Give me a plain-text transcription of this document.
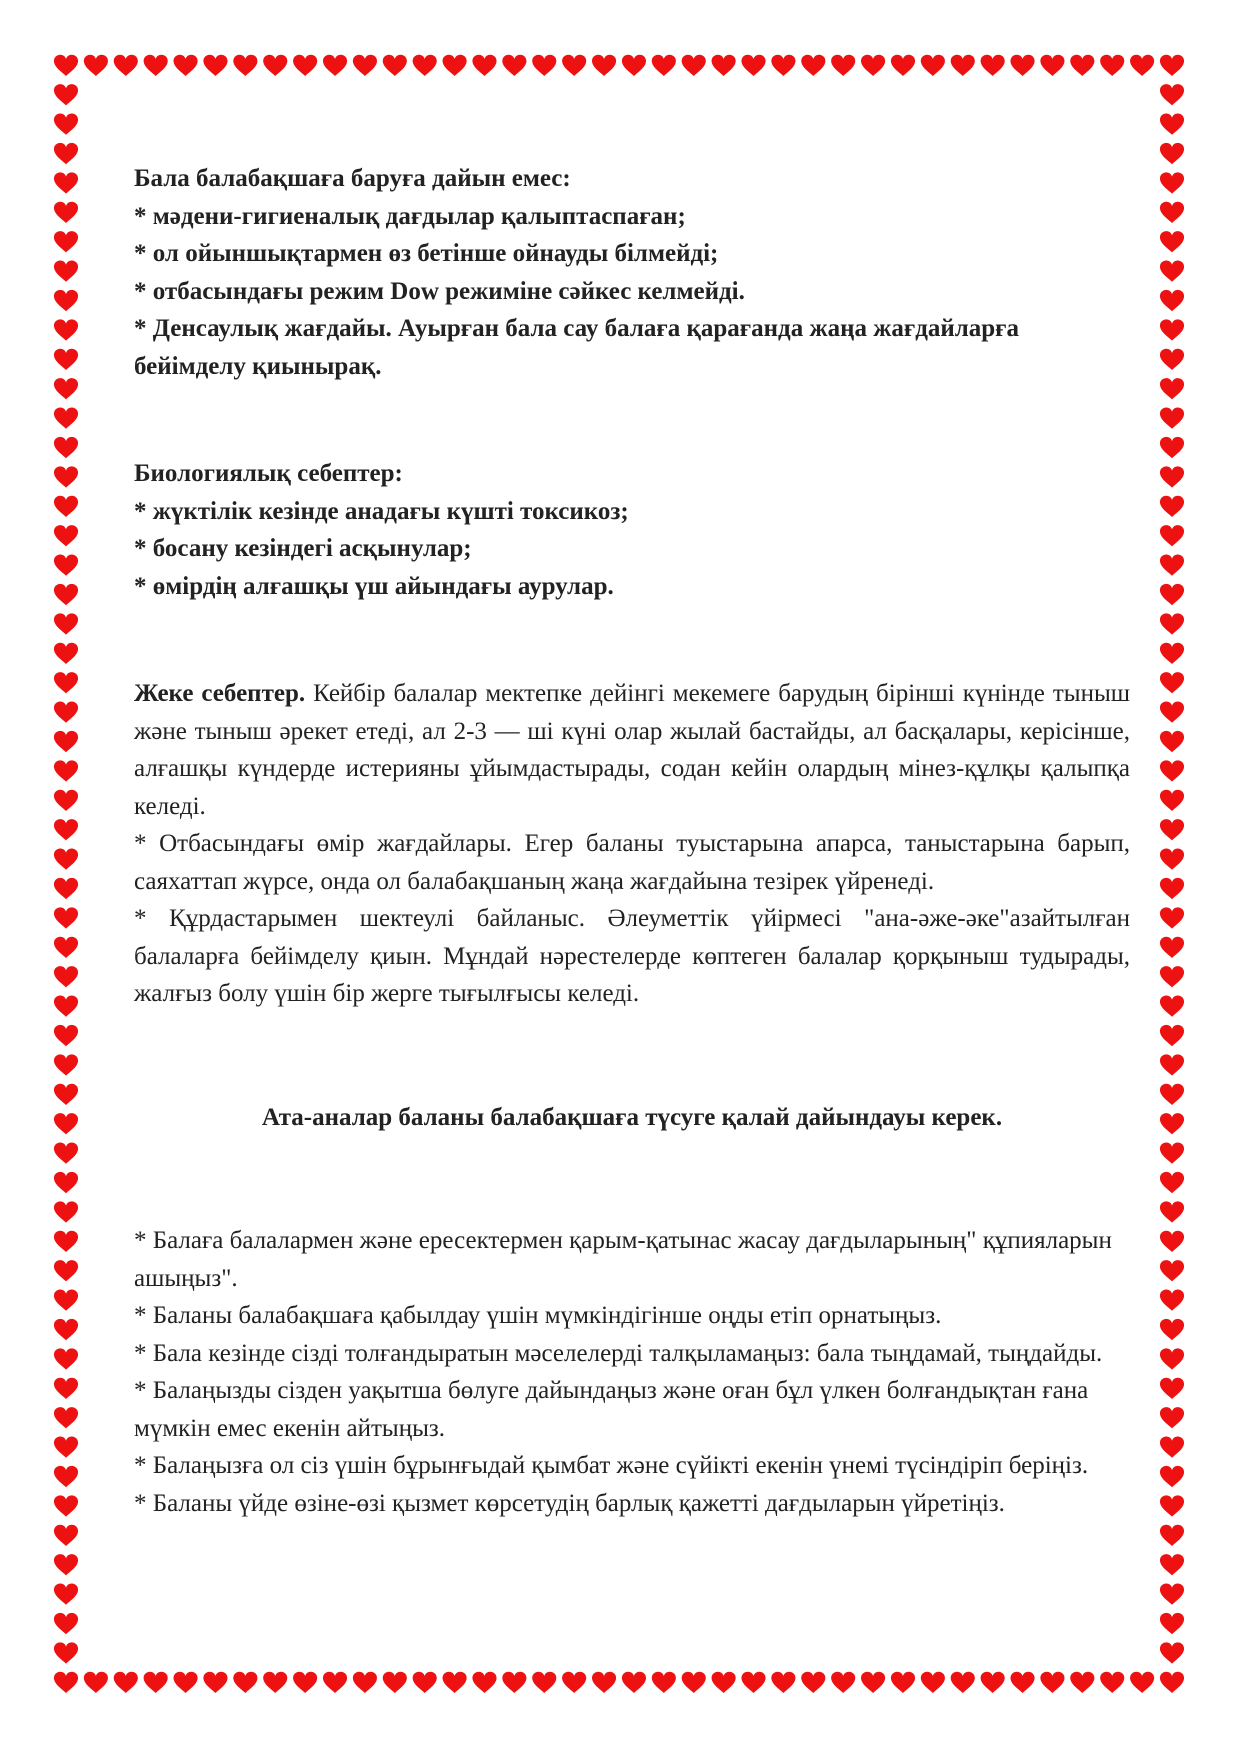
Бала балабақшаға баруға дайын емес:

* мәдени-гигиеналық дағдылар қалыптаспаған;

* ол ойыншықтармен өз бетінше ойнауды білмейді;

* отбасындағы режим Dow режиміне сәйкес келмейді.

* Денсаулық жағдайы. Ауырған бала сау балаға қарағанда жаңа жағдайларға бейімделу қиынырақ.

Биологиялық себептер:

* жүктілік кезінде анадағы күшті токсикоз;

* босану кезіндегі асқынулар;

* өмірдің алғашқы үш айындағы аурулар.

Жеке себептер. Кейбір балалар мектепке дейінгі мекемеге барудың бірінші күнінде тыныш және тыныш әрекет етеді, ал 2-3 — ші күні олар жылай бастайды, ал басқалары, керісінше, алғашқы күндерде истерияны ұйымдастырады, содан кейін олардың мінез-құлқы қалыпқа келеді.

* Отбасындағы өмір жағдайлары. Егер баланы туыстарына апарса, таныстарына барып, саяхаттап жүрсе, онда ол балабақшаның жаңа жағдайына тезірек үйренеді.

* Құрдастарымен шектеулі байланыс. Әлеуметтік үйірмесі "ана-әже-әке"азайтылған балаларға бейімделу қиын. Мұндай нәрестелерде көптеген балалар қорқыныш тудырады, жалғыз болу үшін бір жерге тығылғысы келеді.

Ата-аналар баланы балабақшаға түсуге қалай дайындауы керек.

* Балаға балалармен және ересектермен қарым-қатынас жасау дағдыларының" құпияларын ашыңыз".

* Баланы балабақшаға қабылдау үшін мүмкіндігінше оңды етіп орнатыңыз.

* Бала кезінде сізді толғандыратын мәселелерді талқыламаңыз: бала тыңдамай, тыңдайды.

* Балаңызды сізден уақытша бөлуге дайындаңыз және оған бұл үлкен болғандықтан ғана мүмкін емес екенін айтыңыз.

* Балаңызға ол сіз үшін бұрынғыдай қымбат және сүйікті екенін үнемі түсіндіріп беріңіз.

* Баланы үйде өзіне-өзі қызмет көрсетудің барлық қажетті дағдыларын үйретіңіз.
